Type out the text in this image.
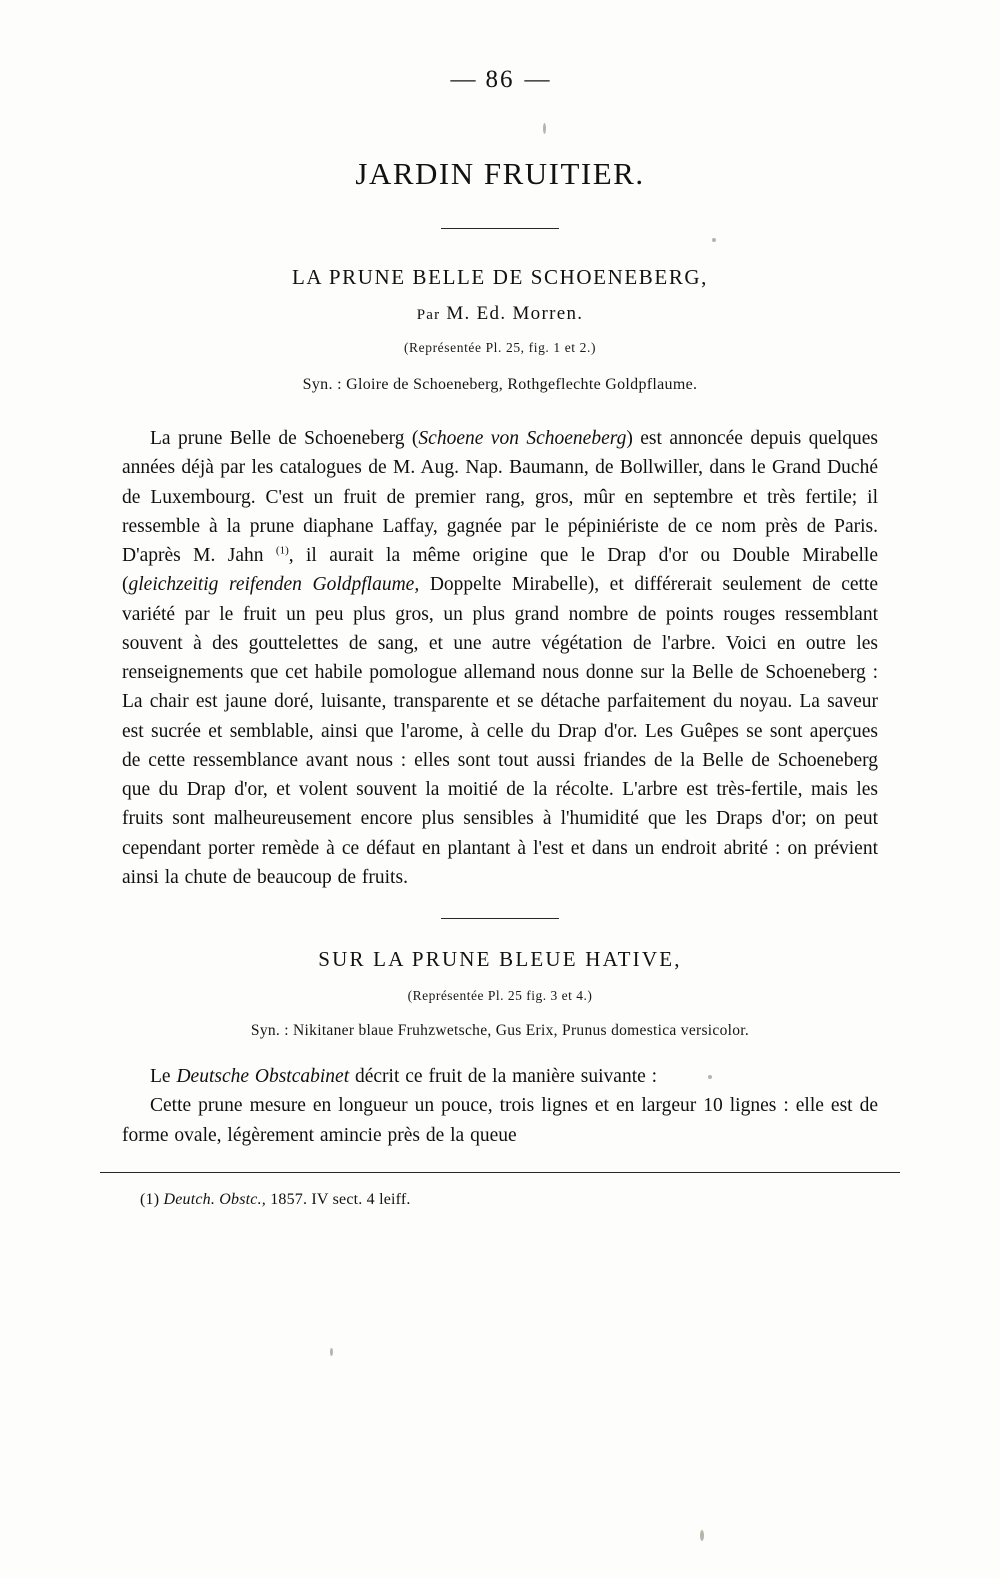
— 86 —
JARDIN FRUITIER.
LA PRUNE BELLE DE SCHOENEBERG,
Par M. Ed. Morren.
(Représentée Pl. 25, fig. 1 et 2.)
Syn. : Gloire de Schoeneberg, Rothgeflechte Goldpflaume.

La prune Belle de Schoeneberg (Schoene von Schoeneberg) est annoncée depuis quelques années déjà par les catalogues de M. Aug. Nap. Baumann, de Bollwiller, dans le Grand Duché de Luxembourg. C'est un fruit de premier rang, gros, mûr en septembre et très fertile; il ressemble à la prune diaphane Laffay, gagnée par le pépiniériste de ce nom près de Paris. D'après M. Jahn $^{(1)}$, il aurait la même origine que le Drap d'or ou Double Mirabelle (gleichzeitig reifenden Goldpflaume, Doppelte Mirabelle), et différerait seulement de cette variété par le fruit un peu plus gros, un plus grand nombre de points rouges ressemblant souvent à des gouttelettes de sang, et une autre végétation de l'arbre. Voici en outre les renseignements que cet habile pomologue allemand nous donne sur la Belle de Schoeneberg : La chair est jaune doré, luisante, transparente et se détache parfaitement du noyau. La saveur est sucrée et semblable, ainsi que l'arome, à celle du Drap d'or. Les Guêpes se sont aperçues de cette ressemblance avant nous : elles sont tout aussi friandes de la Belle de Schoeneberg que du Drap d'or, et volent souvent la moitié de la récolte. L'arbre est très-fertile, mais les fruits sont malheureusement encore plus sensibles à l'humidité que les Draps d'or; on peut cependant porter remède à ce défaut en plantant à l'est et dans un endroit abrité : on prévient ainsi la chute de beaucoup de fruits.

SUR LA PRUNE BLEUE HATIVE,
(Représentée Pl. 25 fig. 3 et 4.)
Syn. : Nikitaner blaue Fruhzwetsche, Gus Erix, Prunus domestica versicolor.

Le Deutsche Obstcabinet décrit ce fruit de la manière suivante :

Cette prune mesure en longueur un pouce, trois lignes et en largeur 10 lignes : elle est de forme ovale, légèrement amincie près de la queue

(1) Deutch. Obstc., 1857. IV sect. 4 leiff.
